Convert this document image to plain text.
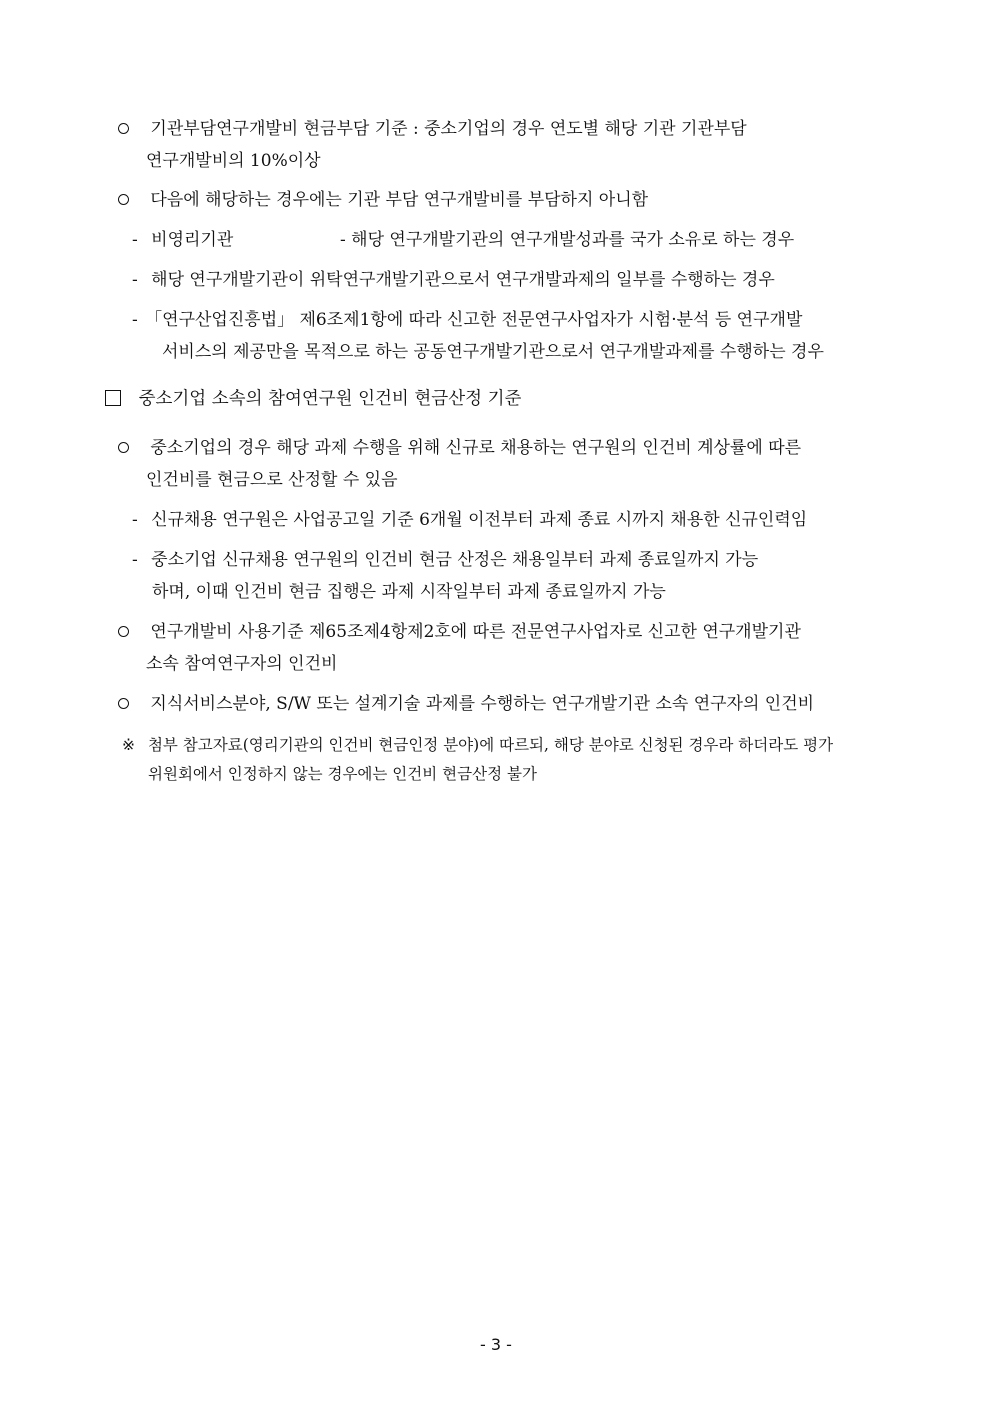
기관부담연구개발비 현금부담 기준 : 중소기업의 경우 연도별 해당 기관 기관부담
연구개발비의 10%이상
다음에 해당하는 경우에는 기관 부담 연구개발비를 부담하지 아니함
- 비영리기관	- 해당 연구개발기관의 연구개발성과를 국가 소유로 하는 경우
- 해당 연구개발기관이 위탁연구개발기관으로서 연구개발과제의 일부를 수행하는 경우
- 「연구산업진흥법」 제6조제1항에 따라 신고한 전문연구사업자가 시험·분석 등 연구개발
서비스의 제공만을 목적으로 하는 공동연구개발기관으로서 연구개발과제를 수행하는 경우
중소기업 소속의 참여연구원 인건비 현금산정 기준
중소기업의 경우 해당 과제 수행을 위해 신규로 채용하는 연구원의 인건비 계상률에 따른
인건비를 현금으로 산정할 수 있음
- 신규채용 연구원은 사업공고일 기준 6개월 이전부터 과제 종료 시까지 채용한 신규인력임
- 중소기업 신규채용 연구원의 인건비 현금 산정은 채용일부터 과제 종료일까지 가능
하며, 이때 인건비 현금 집행은 과제 시작일부터 과제 종료일까지 가능
연구개발비 사용기준 제65조제4항제2호에 따른 전문연구사업자로 신고한 연구개발기관
소속 참여연구자의 인건비
지식서비스분야, S/W 또는 설계기술 과제를 수행하는 연구개발기관 소속 연구자의 인건비
※ 첨부 참고자료(영리기관의 인건비 현금인정 분야)에 따르되, 해당 분야로 신청된 경우라 하더라도 평가
위원회에서 인정하지 않는 경우에는 인건비 현금산정 불가
- 3 -
